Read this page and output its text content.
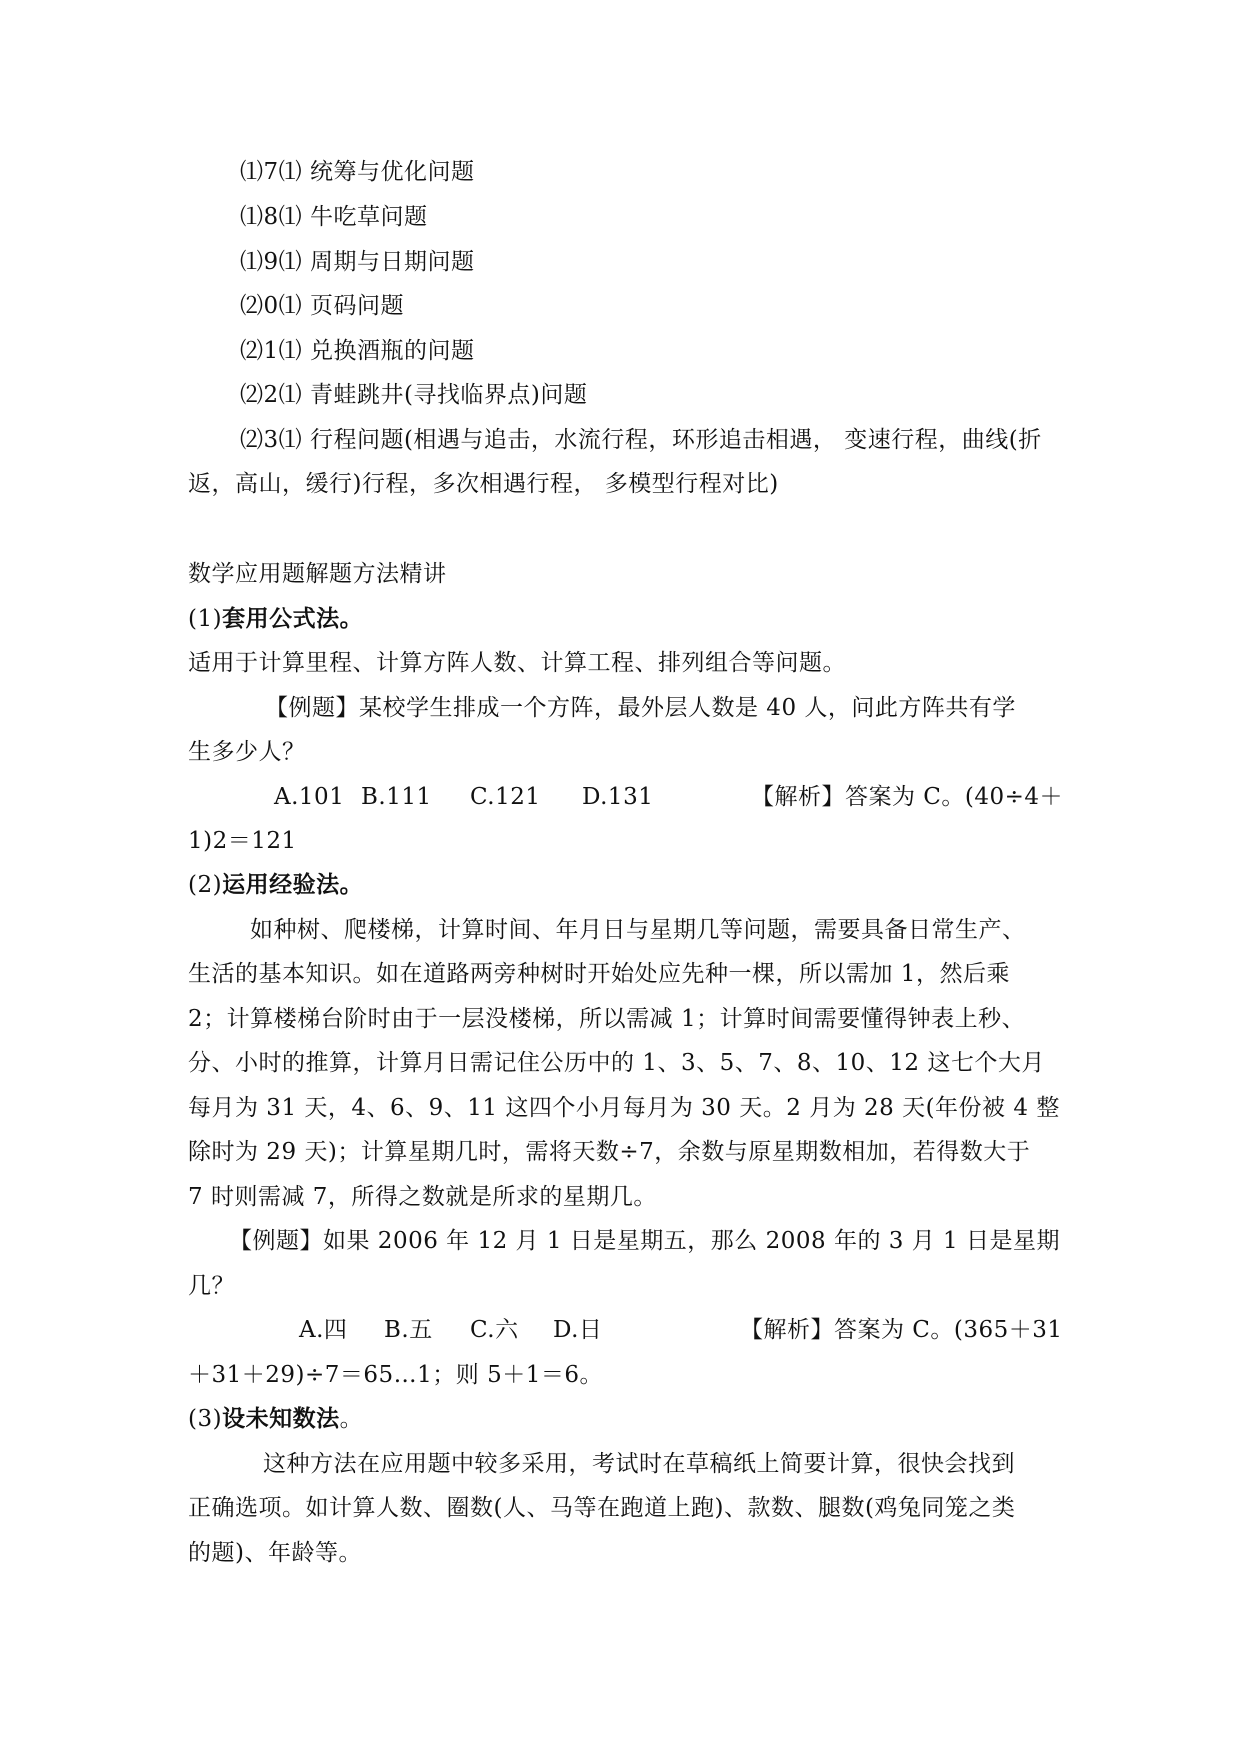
⑴7⑴ 统筹与优化问题
⑴8⑴ 牛吃草问题
⑴9⑴ 周期与日期问题
⑵0⑴ 页码问题
⑵1⑴ 兑换酒瓶的问题
⑵2⑴ 青蛙跳井(寻找临界点)问题
⑵3⑴ 行程问题(相遇与追击，水流行程，环形追击相遇， 变速行程，曲线(折
返，高山，缓行)行程，多次相遇行程， 多模型行程对比)
数学应用题解题方法精讲
(1)套用公式法。
适用于计算里程、计算方阵人数、计算工程、排列组合等问题。
【例题】某校学生排成一个方阵，最外层人数是 40 人，问此方阵共有学
生多少人？
A.101 B.111 C.121 D.131	【解析】答案为 C。(40÷4＋
1)2＝121
(2)运用经验法。
如种树、爬楼梯，计算时间、年月日与星期几等问题，需要具备日常生产、
生活的基本知识。如在道路两旁种树时开始处应先种一棵，所以需加 1，然后乘
2；计算楼梯台阶时由于一层没楼梯，所以需减 1；计算时间需要懂得钟表上秒、
分、小时的推算，计算月日需记住公历中的 1、3、5、7、8、10、12 这七个大月
每月为 31 天，4、6、9、11 这四个小月每月为 30 天。2 月为 28 天(年份被 4 整
除时为 29 天)；计算星期几时，需将天数÷7，余数与原星期数相加，若得数大于
7 时则需减 7，所得之数就是所求的星期几。
【例题】如果 2006 年 12 月 1 日是星期五，那么 2008 年的 3 月 1 日是星期
几？
A.四 B.五 C.六 D.日	【解析】答案为 C。(365＋31
＋31＋29)÷7＝65…1；则 5＋1＝6。
(3)设未知数法。
这种方法在应用题中较多采用，考试时在草稿纸上简要计算，很快会找到
正确选项。如计算人数、圈数(人、马等在跑道上跑)、款数、腿数(鸡兔同笼之类
的题)、年龄等。
